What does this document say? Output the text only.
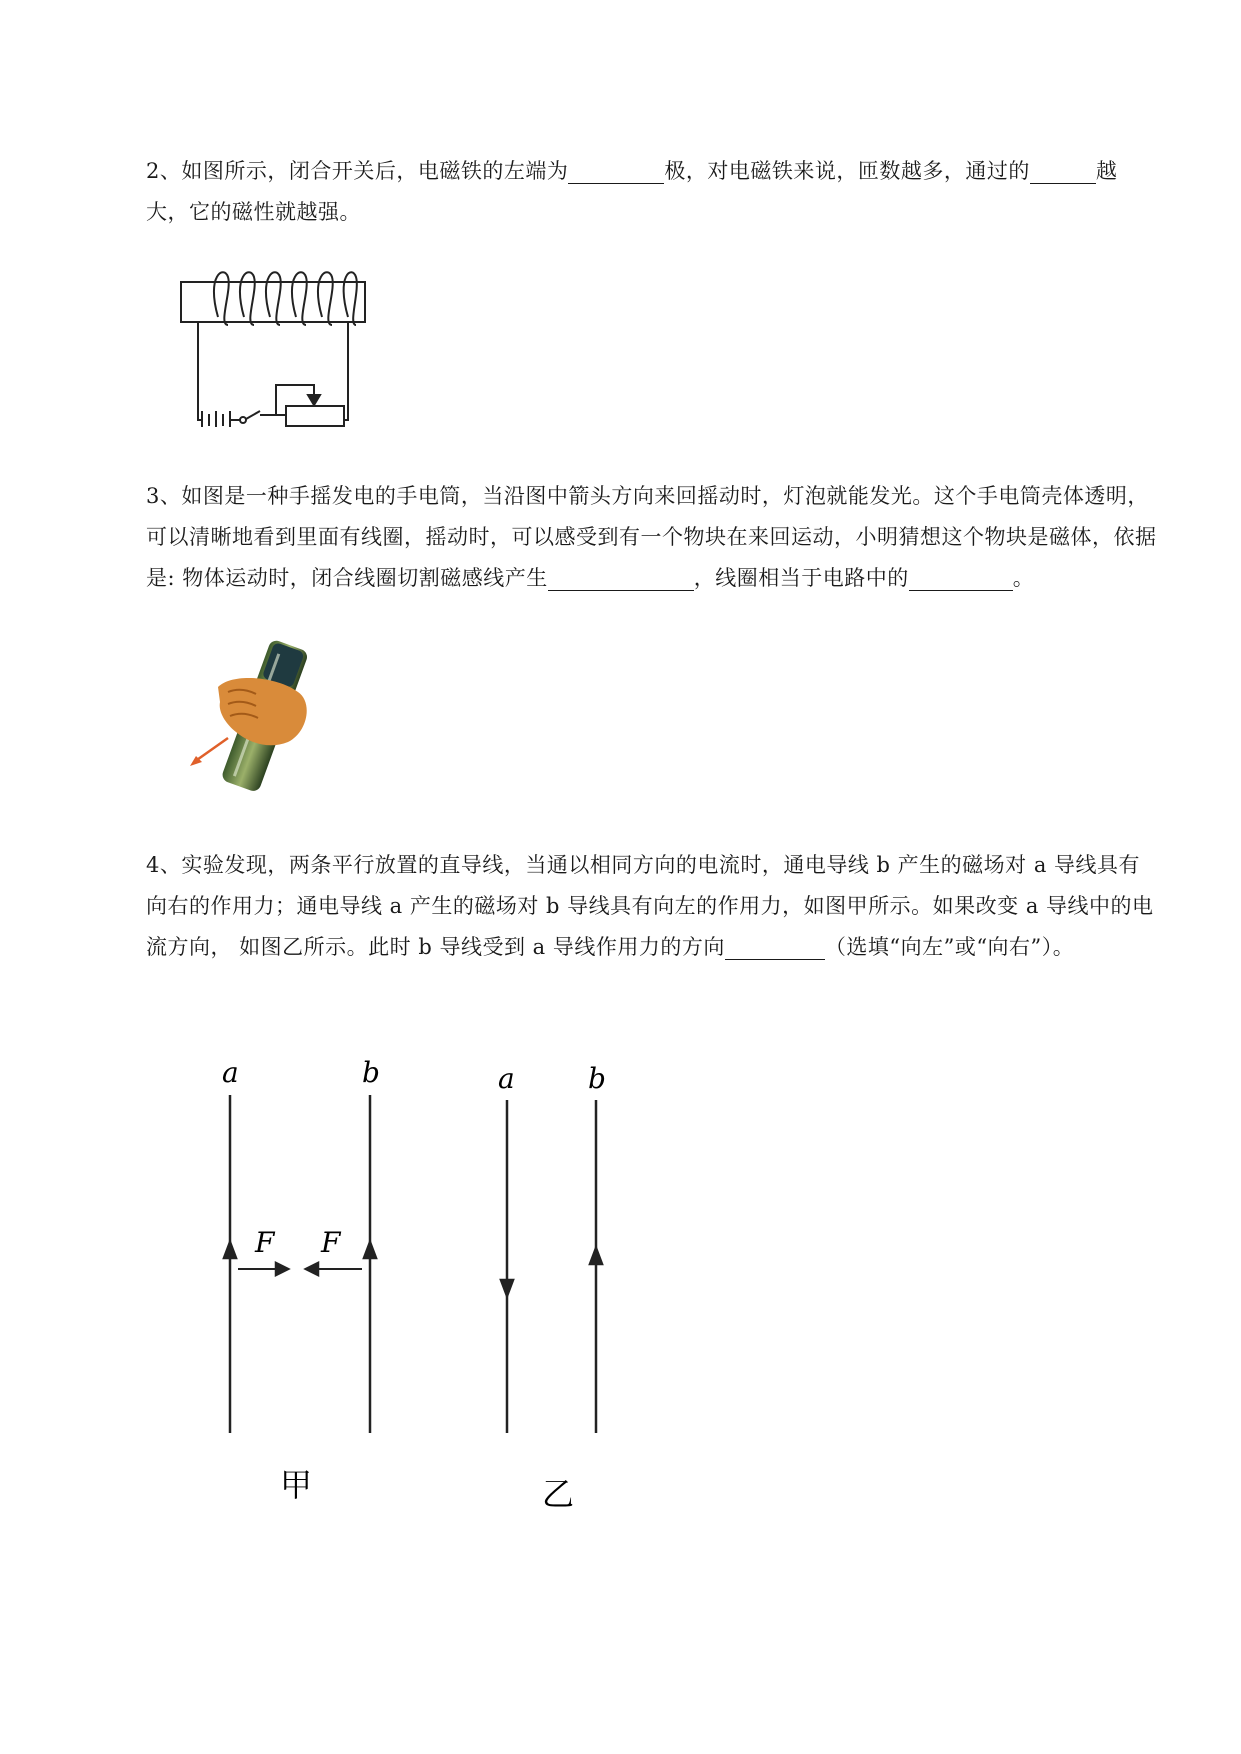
2、如图所示，闭合开关后，电磁铁的左端为	极，对电磁铁来说，匝数越多，通过的	越大，它的磁性就越强。

3、如图是一种手摇发电的手电筒，当沿图中箭头方向来回摇动时，灯泡就能发光。这个手电筒壳体透明，可以清晰地看到里面有线圈，摇动时，可以感受到有一个物块在来回运动，小明猜想这个物块是磁体，依据是: 物体运动时，闭合线圈切割磁感线产生	，线圈相当于电路中的	。

4、实验发现，两条平行放置的直导线，当通以相同方向的电流时，通电导线 b 产生的磁场对 a 导线具有向右的作用力；通电导线 a 产生的磁场对 b 导线具有向左的作用力，如图甲所示。如果改变 a 导线中的电流方向， 如图乙所示。此时 b 导线受到 a 导线作用力的方向	（选填“向左”或“向右”）。

a	b
F F
a	b
甲	乙
